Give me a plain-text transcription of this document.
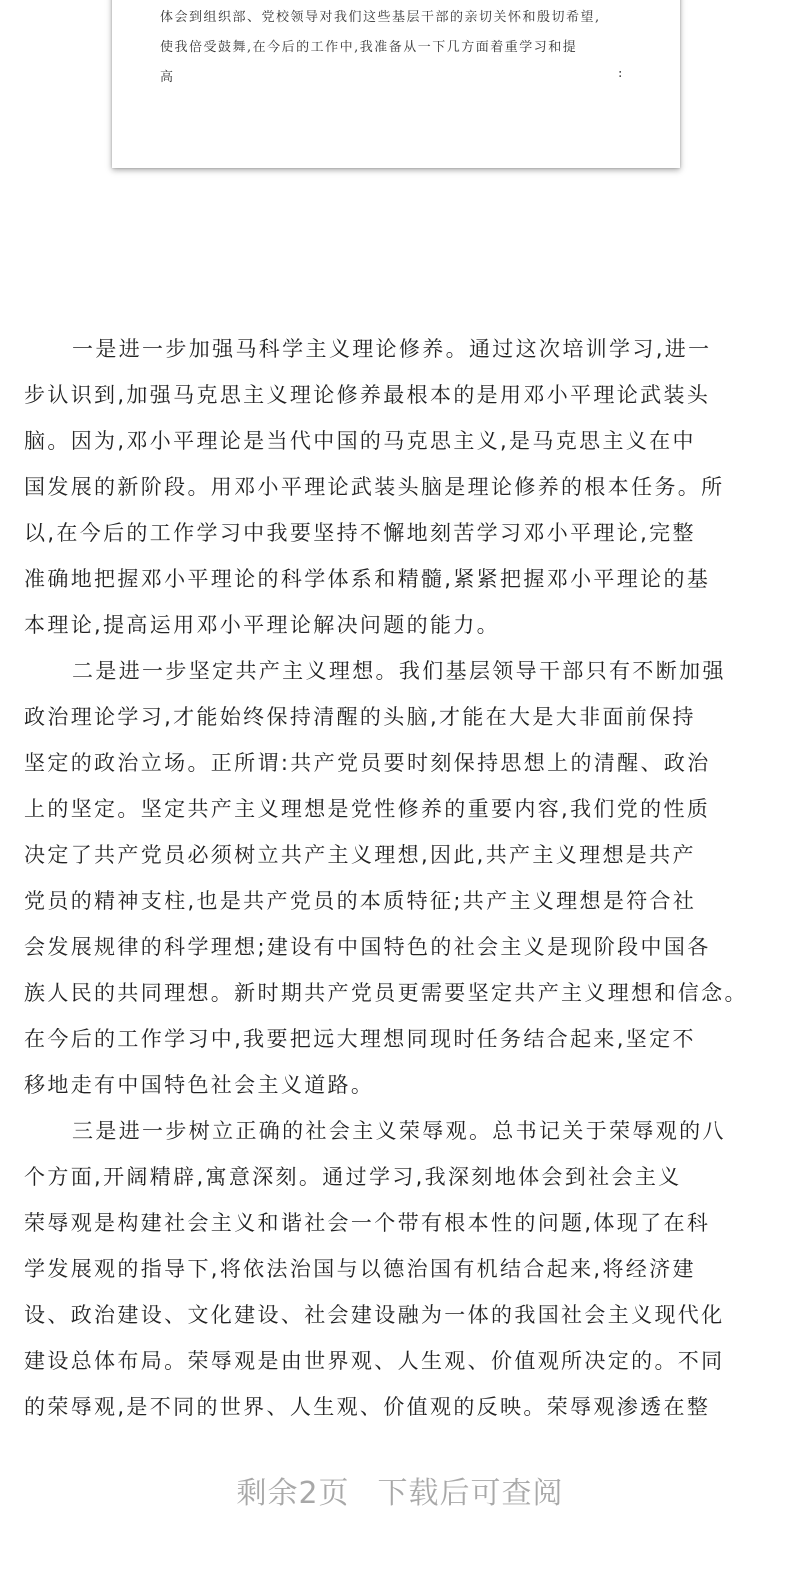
体会到组织部、党校领导对我们这些基层干部的亲切关怀和殷切希望,
使我倍受鼓舞,在今后的工作中,我准备从一下几方面着重学习和提
高	:
一是进一步加强马科学主义理论修养。通过这次培训学习,进一
步认识到,加强马克思主义理论修养最根本的是用邓小平理论武装头
脑。因为,邓小平理论是当代中国的马克思主义,是马克思主义在中
国发展的新阶段。用邓小平理论武装头脑是理论修养的根本任务。所
以,在今后的工作学习中我要坚持不懈地刻苦学习邓小平理论,完整
准确地把握邓小平理论的科学体系和精髓,紧紧把握邓小平理论的基
本理论,提高运用邓小平理论解决问题的能力。
二是进一步坚定共产主义理想。我们基层领导干部只有不断加强
政治理论学习,才能始终保持清醒的头脑,才能在大是大非面前保持
坚定的政治立场。正所谓:共产党员要时刻保持思想上的清醒、政治
上的坚定。坚定共产主义理想是党性修养的重要内容,我们党的性质
决定了共产党员必须树立共产主义理想,因此,共产主义理想是共产
党员的精神支柱,也是共产党员的本质特征;共产主义理想是符合社
会发展规律的科学理想;建设有中国特色的社会主义是现阶段中国各
族人民的共同理想。新时期共产党员更需要坚定共产主义理想和信念。
在今后的工作学习中,我要把远大理想同现时任务结合起来,坚定不
移地走有中国特色社会主义道路。
三是进一步树立正确的社会主义荣辱观。总书记关于荣辱观的八
个方面,开阔精辟,寓意深刻。通过学习,我深刻地体会到社会主义
荣辱观是构建社会主义和谐社会一个带有根本性的问题,体现了在科
学发展观的指导下,将依法治国与以德治国有机结合起来,将经济建
设、政治建设、文化建设、社会建设融为一体的我国社会主义现代化
建设总体布局。荣辱观是由世界观、人生观、价值观所决定的。不同
的荣辱观,是不同的世界、人生观、价值观的反映。荣辱观渗透在整
剩余2页 下载后可查阅
